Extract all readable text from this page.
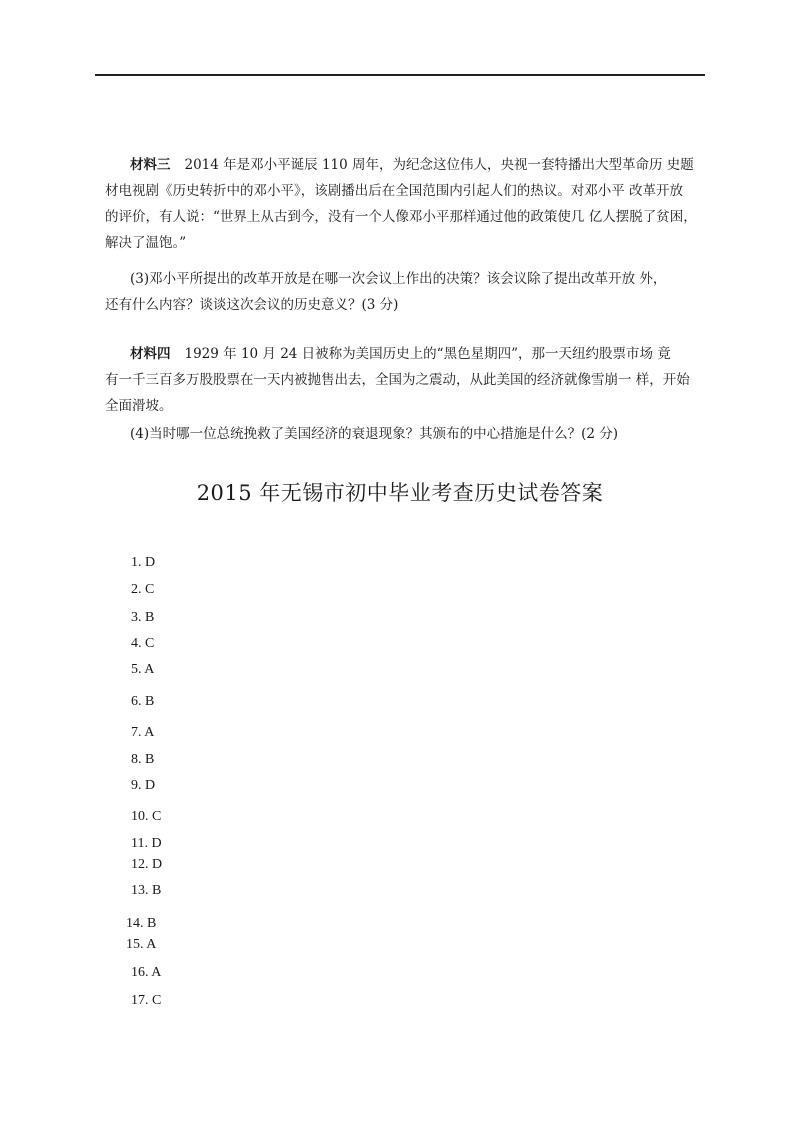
材料三 2014 年是邓小平诞辰 110 周年，为纪念这位伟人，央视一套特播出大型革命历 史题

材电视剧《历史转折中的邓小平》，该剧播出后在全国范围内引起人们的热议。对邓小平 改革开放

的评价，有人说：“世界上从古到今，没有一个人像邓小平那样通过他的政策使几 亿人摆脱了贫困，

解决了温饱。”

(3)邓小平所提出的改革开放是在哪一次会议上作出的决策？该会议除了提出改革开放 外，

还有什么内容？谈谈这次会议的历史意义？(3 分)

材料四 1929 年 10 月 24 日被称为美国历史上的“黑色星期四”，那一天纽约股票市场 竟

有一千三百多万股股票在一天内被抛售出去，全国为之震动，从此美国的经济就像雪崩一 样，开始

全面滑坡。

(4)当时哪一位总统挽救了美国经济的衰退现象？其颁布的中心措施是什么？(2 分)

2015 年无锡市初中毕业考查历史试卷答案
1. D
2. C
3. B
4. C
5. A
6. B
7. A
8. B
9. D
10. C
11. D
12. D
13. B
14. B
15. A
16. A
17. C
